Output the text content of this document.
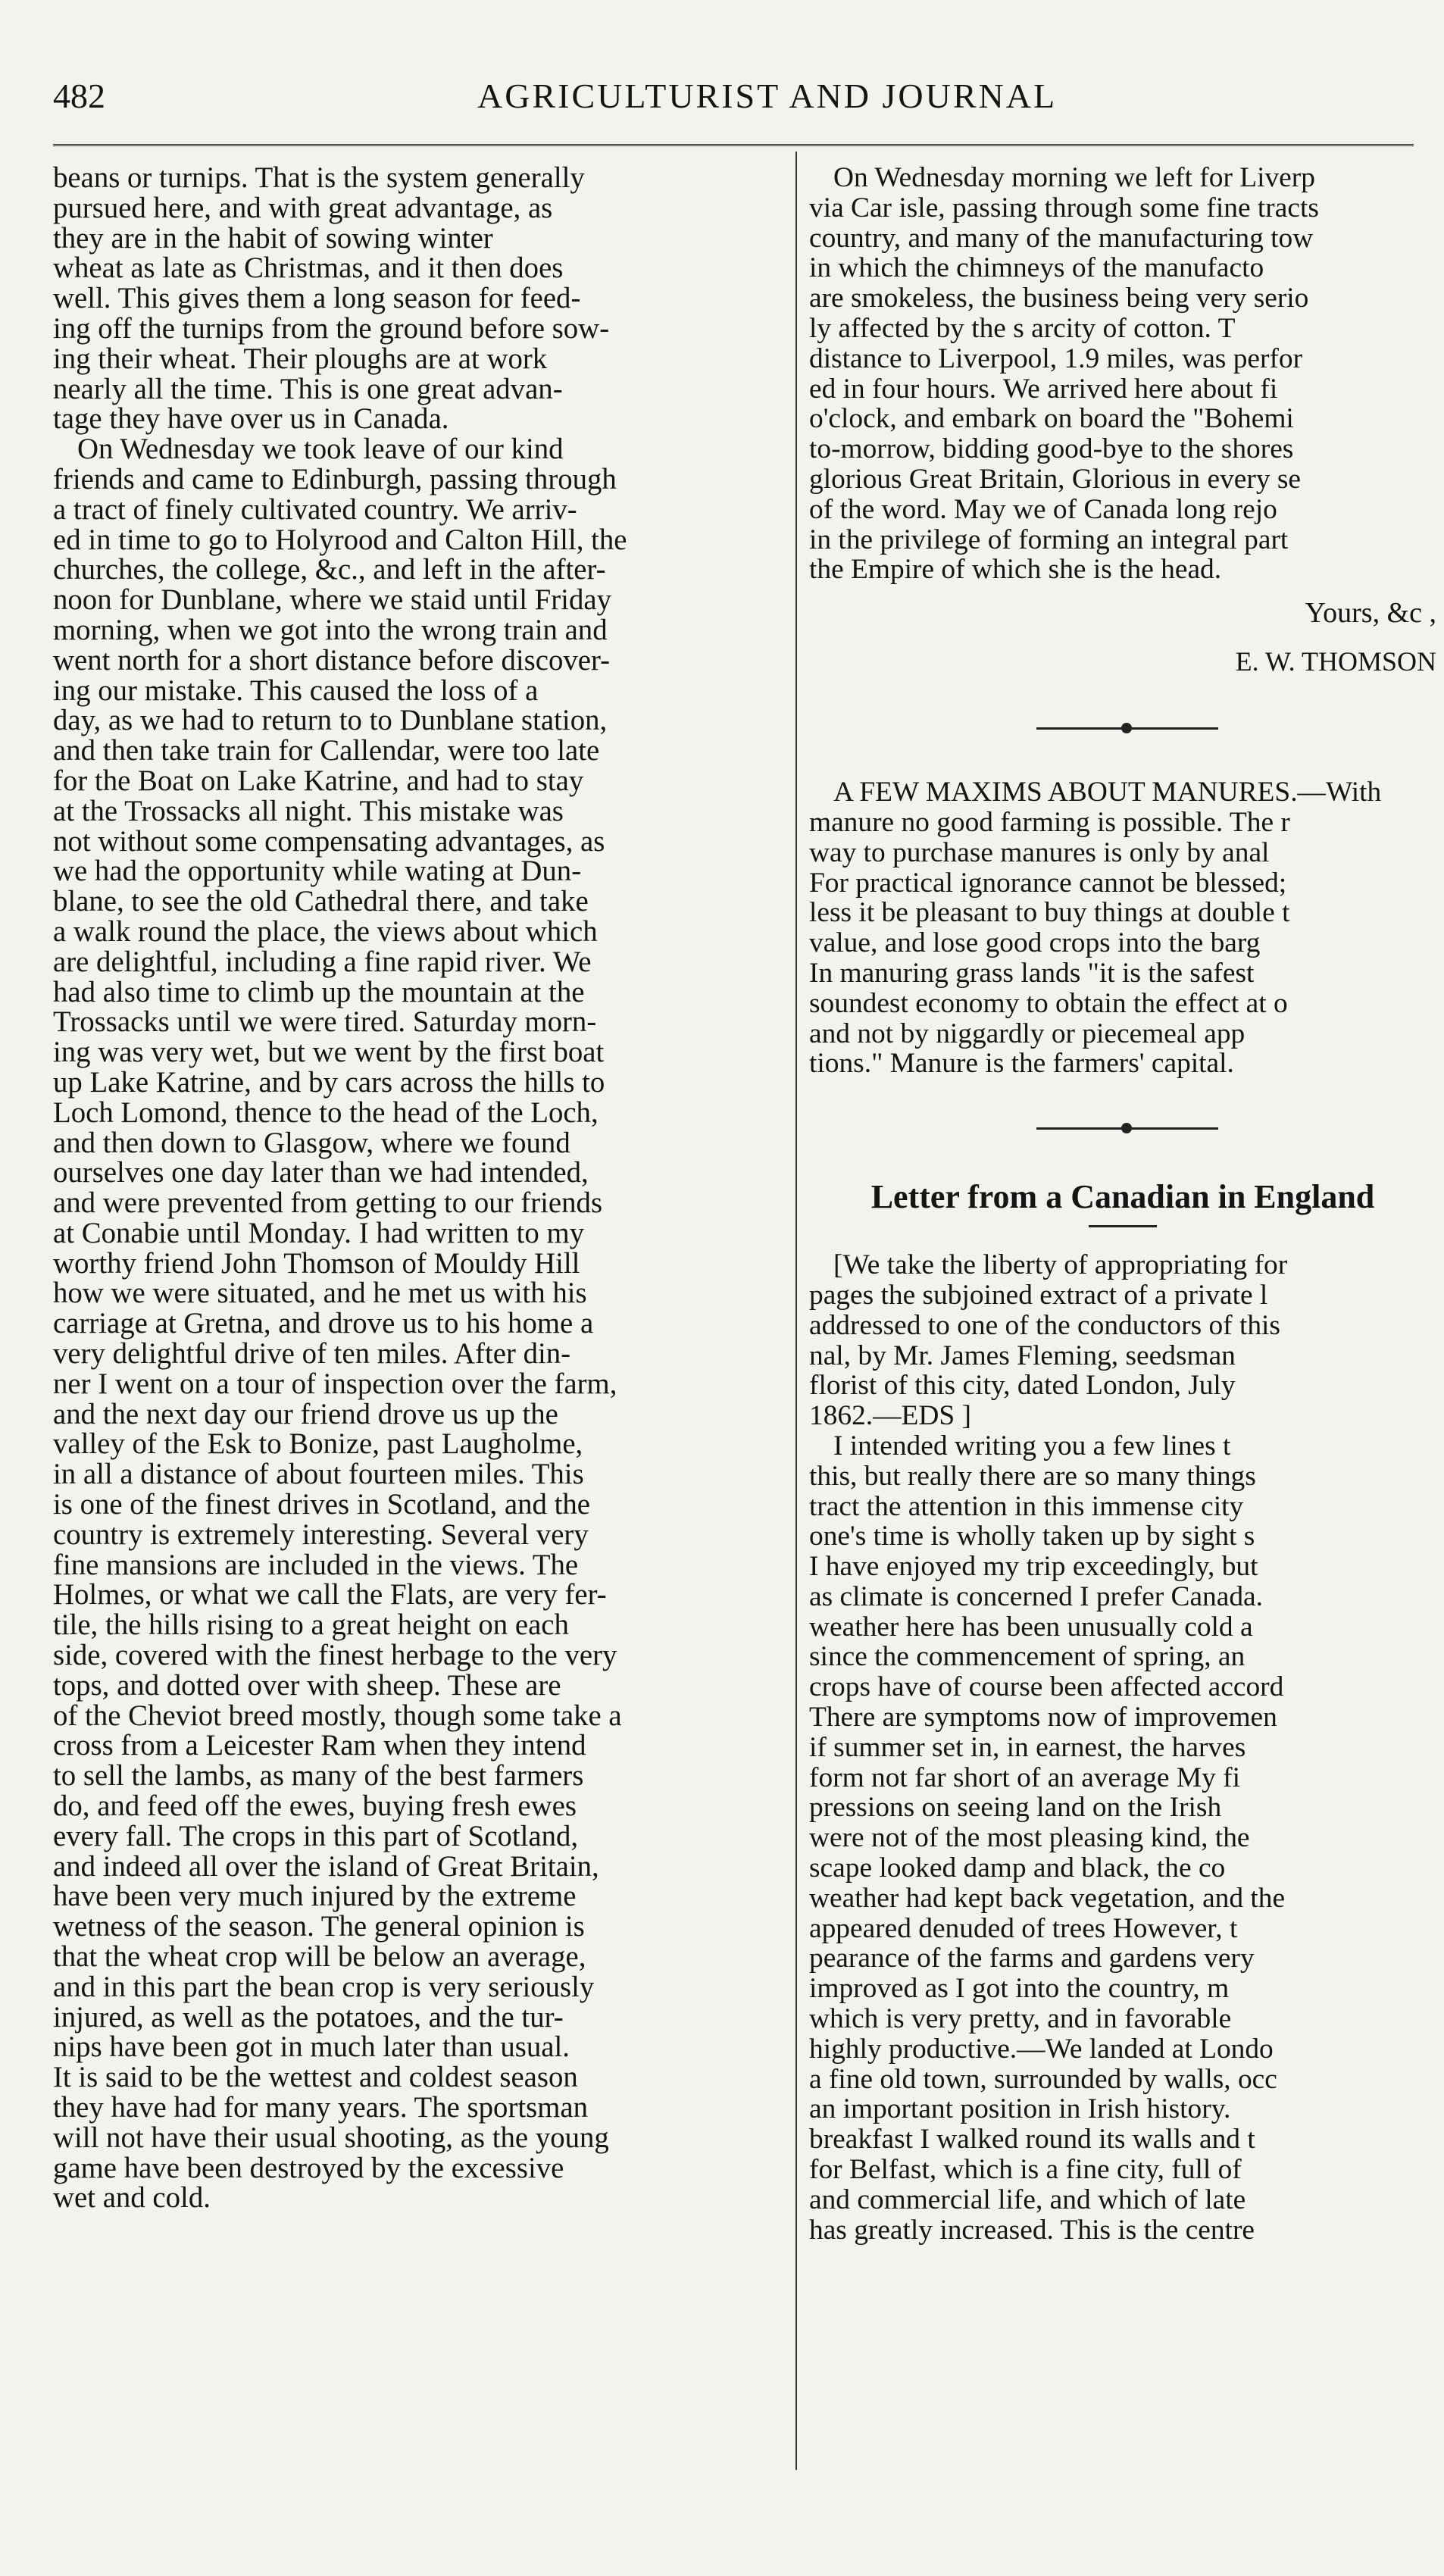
482	AGRICULTURIST AND JOURNAL

beans or turnips. That is the system generally
pursued here, and with great advantage, as
they are in the habit of sowing winter
wheat as late as Christmas, and it then does
well. This gives them a long season for feed-
ing off the turnips from the ground before sow-
ing their wheat. Their ploughs are at work
nearly all the time. This is one great advan-
tage they have over us in Canada.

On Wednesday we took leave of our kind
friends and came to Edinburgh, passing through
a tract of finely cultivated country. We arriv-
ed in time to go to Holyrood and Calton Hill, the
churches, the college, &c., and left in the after-
noon for Dunblane, where we staid until Friday
morning, when we got into the wrong train and
went north for a short distance before discover-
ing our mistake. This caused the loss of a
day, as we had to return to to Dunblane station,
and then take train for Callendar, were too late
for the Boat on Lake Katrine, and had to stay
at the Trossacks all night. This mistake was
not without some compensating advantages, as
we had the opportunity while wating at Dun-
blane, to see the old Cathedral there, and take
a walk round the place, the views about which
are delightful, including a fine rapid river. We
had also time to climb up the mountain at the
Trossacks until we were tired. Saturday morn-
ing was very wet, but we went by the first boat
up Lake Katrine, and by cars across the hills to
Loch Lomond, thence to the head of the Loch,
and then down to Glasgow, where we found
ourselves one day later than we had intended,
and were prevented from getting to our friends
at Conabie until Monday. I had written to my
worthy friend John Thomson of Mouldy Hill
how we were situated, and he met us with his
carriage at Gretna, and drove us to his home a
very delightful drive of ten miles. After din-
ner I went on a tour of inspection over the farm,
and the next day our friend drove us up the
valley of the Esk to Bonize, past Laugholme,
in all a distance of about fourteen miles. This
is one of the finest drives in Scotland, and the
country is extremely interesting. Several very
fine mansions are included in the views. The
Holmes, or what we call the Flats, are very fer-
tile, the hills rising to a great height on each
side, covered with the finest herbage to the very
tops, and dotted over with sheep. These are
of the Cheviot breed mostly, though some take a
cross from a Leicester Ram when they intend
to sell the lambs, as many of the best farmers
do, and feed off the ewes, buying fresh ewes
every fall. The crops in this part of Scotland,
and indeed all over the island of Great Britain,
have been very much injured by the extreme
wetness of the season. The general opinion is
that the wheat crop will be below an average,
and in this part the bean crop is very seriously
injured, as well as the potatoes, and the tur-
nips have been got in much later than usual.
It is said to be the wettest and coldest season
they have had for many years. The sportsman
will not have their usual shooting, as the young
game have been destroyed by the excessive
wet and cold.

On Wednesday morning we left for Liverp
via Car isle, passing through some fine tracts
country, and many of the manufacturing tow
in which the chimneys of the manufacto
are smokeless, the business being very serio
ly affected by the s arcity of cotton. T
distance to Liverpool, 1.9 miles, was perfor
ed in four hours. We arrived here about fi
o'clock, and embark on board the "Bohemi
to-morrow, bidding good-bye to the shores
glorious Great Britain, Glorious in every se
of the word. May we of Canada long rejo
in the privilege of forming an integral part
the Empire of which she is the head.

Yours, &c ,

E. W. THOMSON

A FEW MAXIMS ABOUT MANURES.—With
manure no good farming is possible. The r
way to purchase manures is only by anal
For practical ignorance cannot be blessed;
less it be pleasant to buy things at double t
value, and lose good crops into the barg
In manuring grass lands "it is the safest
soundest economy to obtain the effect at o
and not by niggardly or piecemeal app
tions." Manure is the farmers' capital.

Letter from a Canadian in England

[We take the liberty of appropriating for
pages the subjoined extract of a private l
addressed to one of the conductors of this
nal, by Mr. James Fleming, seedsman
florist of this city, dated London, July
1862.—EDS ]

I intended writing you a few lines t
this, but really there are so many things
tract the attention in this immense city
one's time is wholly taken up by sight s
I have enjoyed my trip exceedingly, but
as climate is concerned I prefer Canada.
weather here has been unusually cold a
since the commencement of spring, an
crops have of course been affected accord
There are symptoms now of improvemen
if summer set in, in earnest, the harves
form not far short of an average My fi
pressions on seeing land on the Irish
were not of the most pleasing kind, the
scape looked damp and black, the co
weather had kept back vegetation, and the
appeared denuded of trees However, t
pearance of the farms and gardens very
improved as I got into the country, m
which is very pretty, and in favorable
highly productive.—We landed at Londo
a fine old town, surrounded by walls, occ
an important position in Irish history.
breakfast I walked round its walls and t
for Belfast, which is a fine city, full of
and commercial life, and which of late
has greatly increased. This is the centre
